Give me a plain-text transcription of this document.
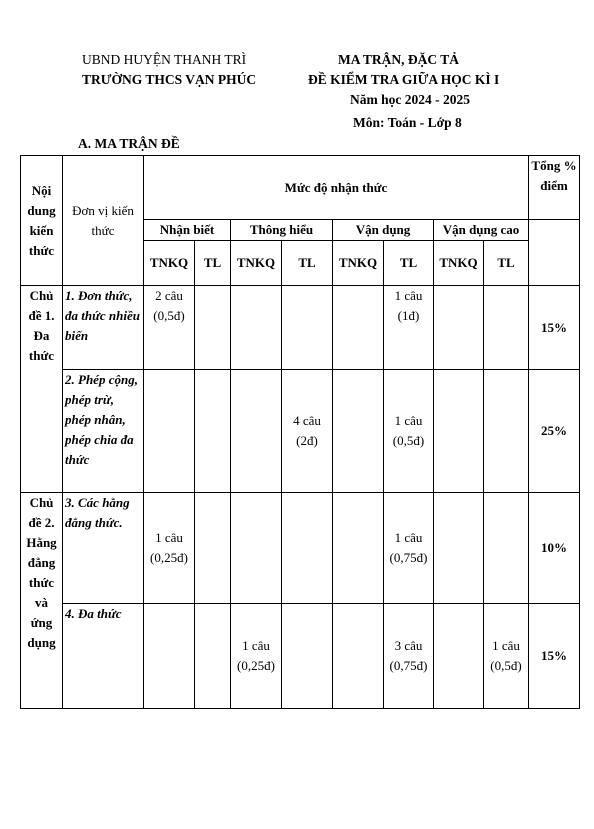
UBND HUYỆN THANH TRÌ
TRƯỜNG THCS VẠN PHÚC
MA TRẬN, ĐẶC TẢ
ĐỀ KIỂM TRA GIỮA HỌC KÌ I
Năm học 2024 - 2025
Môn: Toán - Lớp 8
A. MA TRẬN ĐỀ
Nội dung kiến thức	Đơn vị kiến thức	Mức độ nhận thức								Tổng % điểm
		Nhận biết		Thông hiểu		Vận dụng		Vận dụng cao		
		TNKQ	TL	TNKQ	TL	TNKQ	TL	TNKQ	TL	
Chủ đề 1. Đa thức	1. Đơn thức, đa thức nhiều biến	2 câu (0,5đ)					1 câu (1đ)			15%
	2. Phép cộng, phép trừ, phép nhân, phép chia đa thức				4 câu (2đ)		1 câu (0,5đ)			25%
Chủ đề 2. Hằng đẳng thức và ứng dụng	3. Các hằng đẳng thức.	1 câu (0,25đ)					1 câu (0,75đ)			10%
	4. Đa thức			1 câu (0,25đ)			3 câu (0,75đ)		1 câu (0,5đ)	15%
